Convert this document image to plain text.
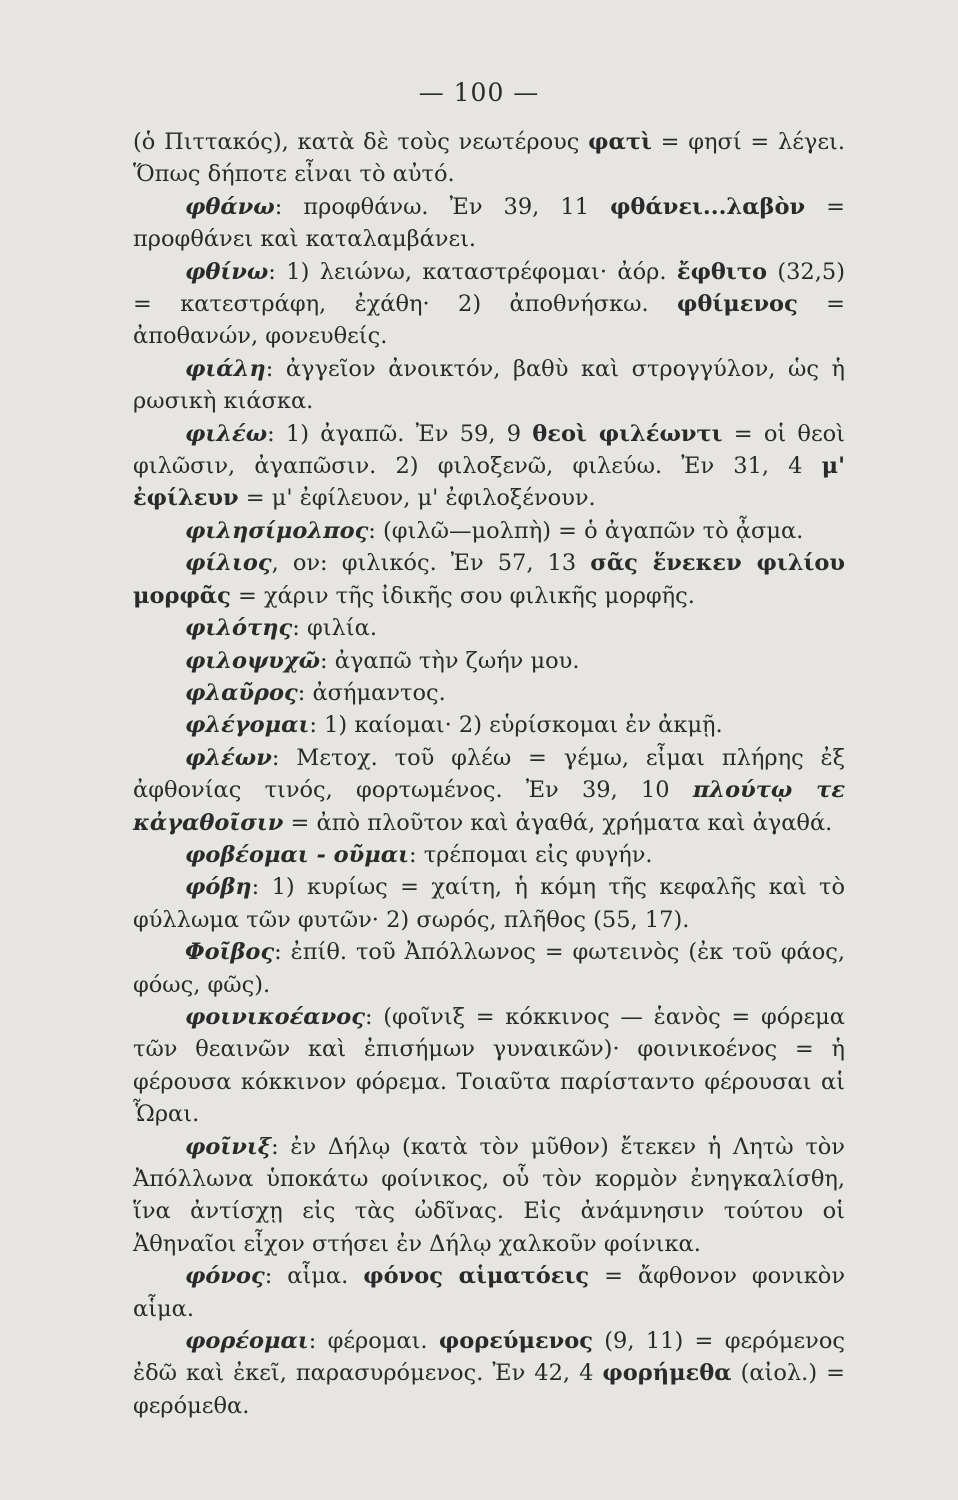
— 100 —

(ὁ Πιττακός), κατὰ δὲ τοὺς νεωτέρους φατὶ = φησί = λέγει. Ὅπως δήποτε εἶναι τὸ αὐτό.

φθάνω: προφθάνω. Ἐν 39, 11 φθάνει...λαβὸν = προφθάνει καὶ καταλαμβάνει.

φθίνω: 1) λειώνω, καταστρέφομαι· ἀόρ. ἔφθιτο (32,5) = κατεστράφη, ἐχάθη· 2) ἀποθνήσκω. φθίμενος = ἀποθανών, φονευθείς.

φιάλη: ἀγγεῖον ἀνοικτόν, βαθὺ καὶ στρογγύλον, ὡς ἡ ρωσικὴ κιάσκα.

φιλέω: 1) ἀγαπῶ. Ἐν 59, 9 θεοὶ φιλέωντι = οἱ θεοὶ φιλῶσιν, ἀγαπῶσιν. 2) φιλοξενῶ, φιλεύω. Ἐν 31, 4 μ' ἐφίλευν = μ' ἐφίλευον, μ' ἐφιλοξένουν.

φιλησίμολπος: (φιλῶ—μολπὴ) = ὁ ἀγαπῶν τὸ ᾆσμα.

φίλιος, ον: φιλικός. Ἐν 57, 13 σᾶς ἕνεκεν φιλίου μορφᾶς = χάριν τῆς ἰδικῆς σου φιλικῆς μορφῆς.

φιλότης: φιλία.

φιλοψυχῶ: ἀγαπῶ τὴν ζωήν μου.

φλαῦρος: ἀσήμαντος.

φλέγομαι: 1) καίομαι· 2) εὑρίσκομαι ἐν ἀκμῇ.

φλέων: Μετοχ. τοῦ φλέω = γέμω, εἶμαι πλήρης ἐξ ἀφθονίας τινός, φορτωμένος. Ἐν 39, 10 πλούτῳ τε κἀγαθοῖσιν = ἀπὸ πλοῦτον καὶ ἀγαθά, χρήματα καὶ ἀγαθά.

φοβέομαι - οῦμαι: τρέπομαι εἰς φυγήν.

φόβη: 1) κυρίως = χαίτη, ἡ κόμη τῆς κεφαλῆς καὶ τὸ φύλλωμα τῶν φυτῶν· 2) σωρός, πλῆθος (55, 17).

Φοῖβος: ἐπίθ. τοῦ Ἀπόλλωνος = φωτεινὸς (ἐκ τοῦ φάος, φόως, φῶς).

φοινικοέανος: (φοῖνιξ = κόκκινος — ἑανὸς = φόρεμα τῶν θεαινῶν καὶ ἐπισήμων γυναικῶν)· φοινικοένος = ἡ φέρουσα κόκκινον φόρεμα. Τοιαῦτα παρίσταντο φέρουσαι αἱ Ὧραι.

φοῖνιξ: ἐν Δήλῳ (κατὰ τὸν μῦθον) ἔτεκεν ἡ Λητὼ τὸν Ἀπόλλωνα ὑποκάτω φοίνικος, οὗ τὸν κορμὸν ἐνηγκαλίσθη, ἵνα ἀντίσχῃ εἰς τὰς ὠδῖνας. Εἰς ἀνάμνησιν τούτου οἱ Ἀθηναῖοι εἶχον στήσει ἐν Δήλῳ χαλκοῦν φοίνικα.

φόνος: αἷμα. φόνος αἱματόεις = ἄφθονον φονικὸν αἷμα.

φορέομαι: φέρομαι. φορεύμενος (9, 11) = φερόμενος ἐδῶ καὶ ἐκεῖ, παρασυρόμενος. Ἐν 42, 4 φορήμεθα (αἰολ.) = φερόμεθα.
